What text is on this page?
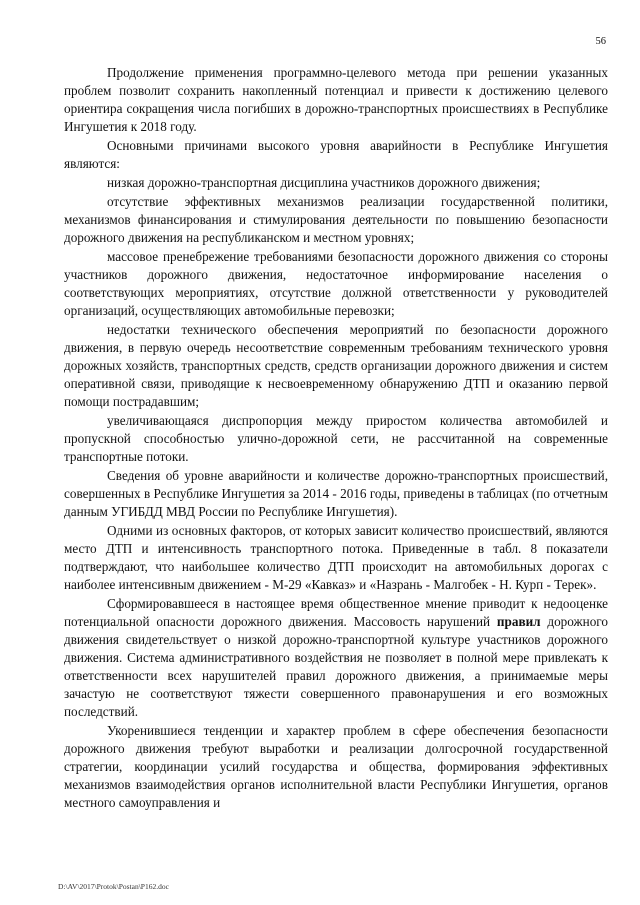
56

Продолжение применения программно-целевого метода при решении указанных проблем позволит сохранить накопленный потенциал и привести к достижению целевого ориентира сокращения числа погибших в дорожно-транспортных происшествиях в Республике Ингушетия к 2018 году.

Основными причинами высокого уровня аварийности в Республике Ингушетия являются:

низкая дорожно-транспортная дисциплина участников дорожного движения;

отсутствие эффективных механизмов реализации государственной политики, механизмов финансирования и стимулирования деятельности по повышению безопасности дорожного движения на республиканском и местном уровнях;

массовое пренебрежение требованиями безопасности дорожного движения со стороны участников дорожного движения, недостаточное информирование населения о соответствующих мероприятиях, отсутствие должной ответственности у руководителей организаций, осуществляющих автомобильные перевозки;

недостатки технического обеспечения мероприятий по безопасности дорожного движения, в первую очередь несоответствие современным требованиям технического уровня дорожных хозяйств, транспортных средств, средств организации дорожного движения и систем оперативной связи, приводящие к несвоевременному обнаружению ДТП и оказанию первой помощи пострадавшим;

увеличивающаяся диспропорция между приростом количества автомобилей и пропускной способностью улично-дорожной сети, не рассчитанной на современные транспортные потоки.

Сведения об уровне аварийности и количестве дорожно-транспортных происшествий, совершенных в Республике Ингушетия за 2014 - 2016 годы, приведены в таблицах (по отчетным данным УГИБДД МВД России по Республике Ингушетия).

Одними из основных факторов, от которых зависит количество происшествий, являются место ДТП и интенсивность транспортного потока. Приведенные в табл. 8 показатели подтверждают, что наибольшее количество ДТП происходит на автомобильных дорогах с наиболее интенсивным движением - М-29 «Кавказ» и «Назрань - Малгобек - Н. Курп - Терек».

Сформировавшееся в настоящее время общественное мнение приводит к недооценке потенциальной опасности дорожного движения. Массовость нарушений правил дорожного движения свидетельствует о низкой дорожно-транспортной культуре участников дорожного движения. Система административного воздействия не позволяет в полной мере привлекать к ответственности всех нарушителей правил дорожного движения, а принимаемые меры зачастую не соответствуют тяжести совершенного правонарушения и его возможных последствий.

Укоренившиеся тенденции и характер проблем в сфере обеспечения безопасности дорожного движения требуют выработки и реализации долгосрочной государственной стратегии, координации усилий государства и общества, формирования эффективных механизмов взаимодействия органов исполнительной власти Республики Ингушетия, органов местного самоуправления и

D:\AV\2017\Protok\Postan\P162.doc
